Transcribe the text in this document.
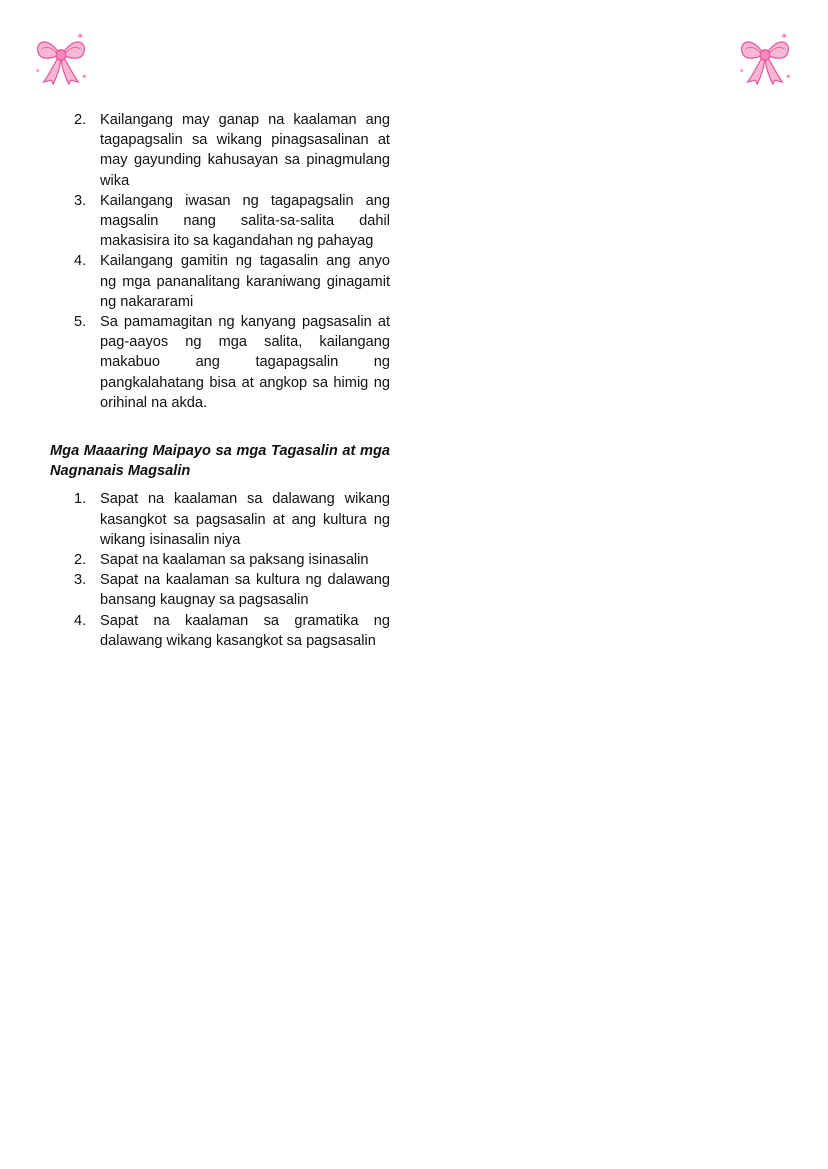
2. Kailangang may ganap na kaalaman ang tagapagsalin sa wikang pinagsasalinan at may gayunding kahusayan sa pinagmulang wika
3. Kailangang iwasan ng tagapagsalin ang magsalin nang salita-sa-salita dahil makasisira ito sa kagandahan ng pahayag
4. Kailangang gamitin ng tagasalin ang anyo ng mga pananalitang karaniwang ginagamit ng nakararami
5. Sa pamamagitan ng kanyang pagsasalin at pag-aayos ng mga salita, kailangang makabuo ang tagapagsalin ng pangkalahatang bisa at angkop sa himig ng orihinal na akda.
Mga Maaaring Maipayo sa mga Tagasalin at mga Nagnanais Magsalin
1. Sapat na kaalaman sa dalawang wikang kasangkot sa pagsasalin at ang kultura ng wikang isinasalin niya
2. Sapat na kaalaman sa paksang isinasalin
3. Sapat na kaalaman sa kultura ng dalawang bansang kaugnay sa pagsasalin
4. Sapat na kaalaman sa gramatika ng dalawang wikang kasangkot sa pagsasalin
